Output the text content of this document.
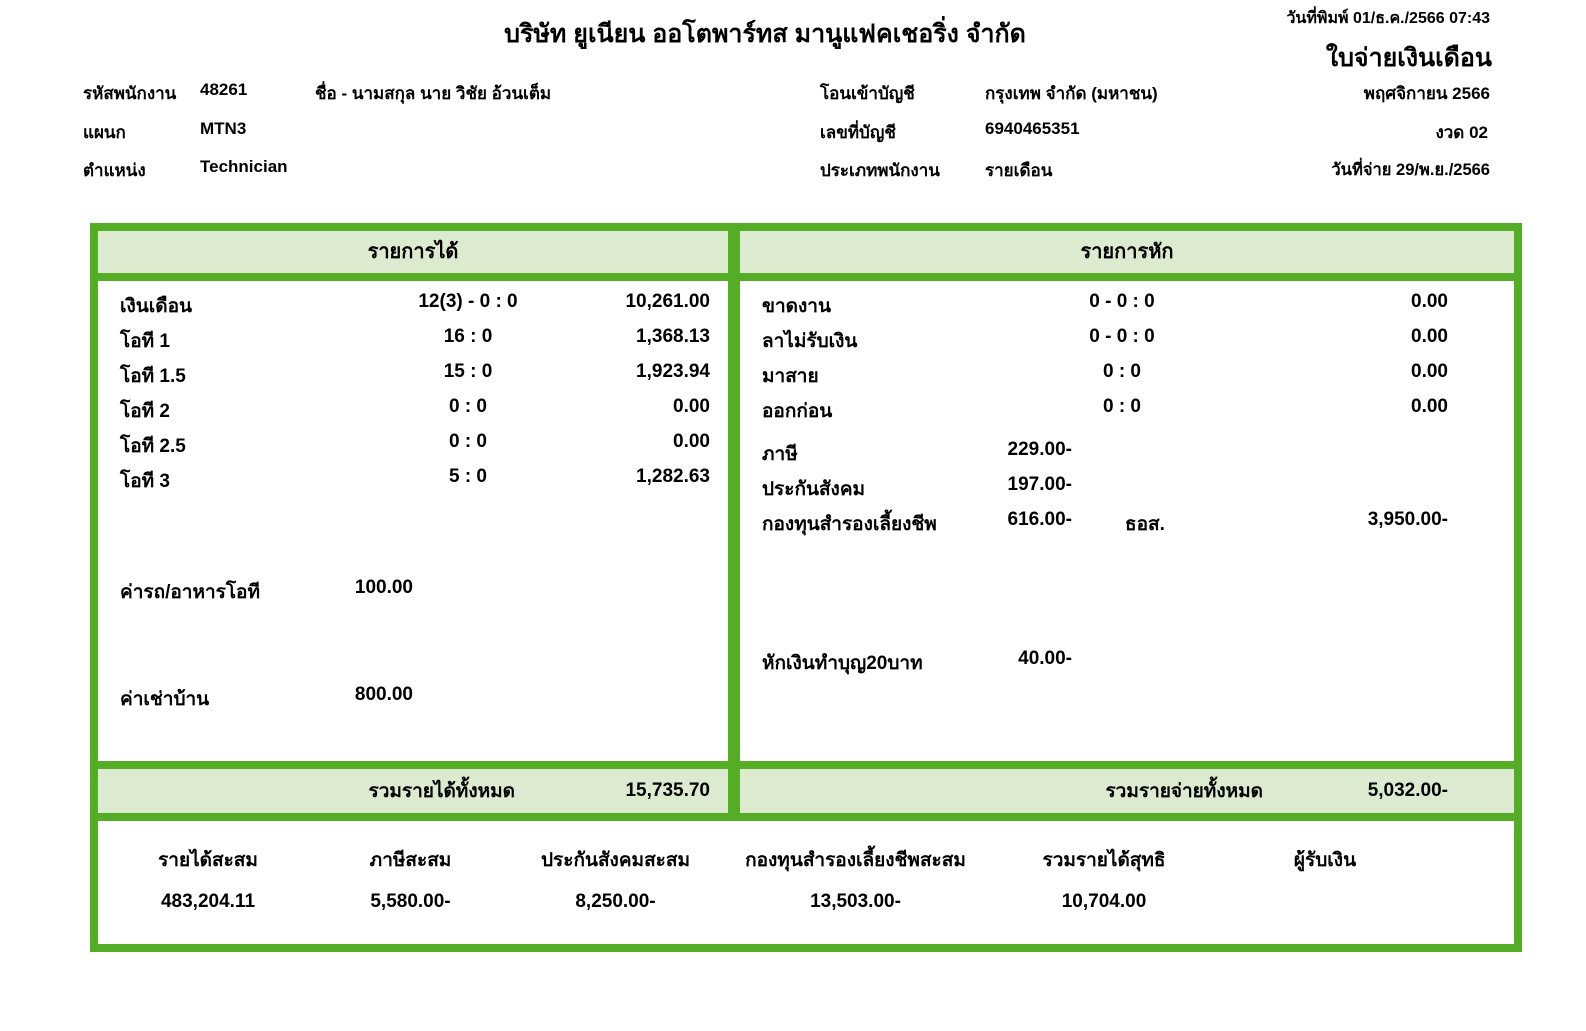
บริษัท ยูเนียน ออโตพาร์ทส มานูแฟคเชอริ่ง จำกัด
วันที่พิมพ์ 01/ธ.ค./2566 07:43
ใบจ่ายเงินเดือน
รหัสพนักงาน 48261	ชื่อ - นามสกุล นาย วิชัย อ้วนเต็ม	โอนเข้าบัญชี	กรุงเทพ จำกัด (มหาชน)	พฤศจิกายน 2566
แผนก	MTN3	เลขที่บัญชี	6940465351	งวด 02
ตำแหน่ง	Technician	ประเภทพนักงาน	รายเดือน	วันที่จ่าย 29/พ.ย./2566
รายการได้	รายการหัก
เงินเดือน	12(3) - 0 : 0	10,261.00
โอที 1	16 : 0	1,368.13
โอที 1.5	15 : 0	1,923.94
โอที 2	0 : 0	0.00
โอที 2.5	0 : 0	0.00
โอที 3	5 : 0	1,282.63
ค่ารถ/อาหารโอที	100.00
ค่าเช่าบ้าน	800.00
ขาดงาน	0 - 0 : 0	0.00
ลาไม่รับเงิน	0 - 0 : 0	0.00
มาสาย	0 : 0	0.00
ออกก่อน	0 : 0	0.00
ภาษี	229.00-
ประกันสังคม	197.00-
กองทุนสำรองเลี้ยงชีพ	616.00-	ธอส.	3,950.00-
หักเงินทำบุญ20บาท	40.00-
รวมรายได้ทั้งหมด	15,735.70	รวมรายจ่ายทั้งหมด	5,032.00-
รายได้สะสม	ภาษีสะสม	ประกันสังคมสะสม	กองทุนสำรองเลี้ยงชีพสะสม	รวมรายได้สุทธิ	ผู้รับเงิน
483,204.11	5,580.00-	8,250.00-	13,503.00-	10,704.00
